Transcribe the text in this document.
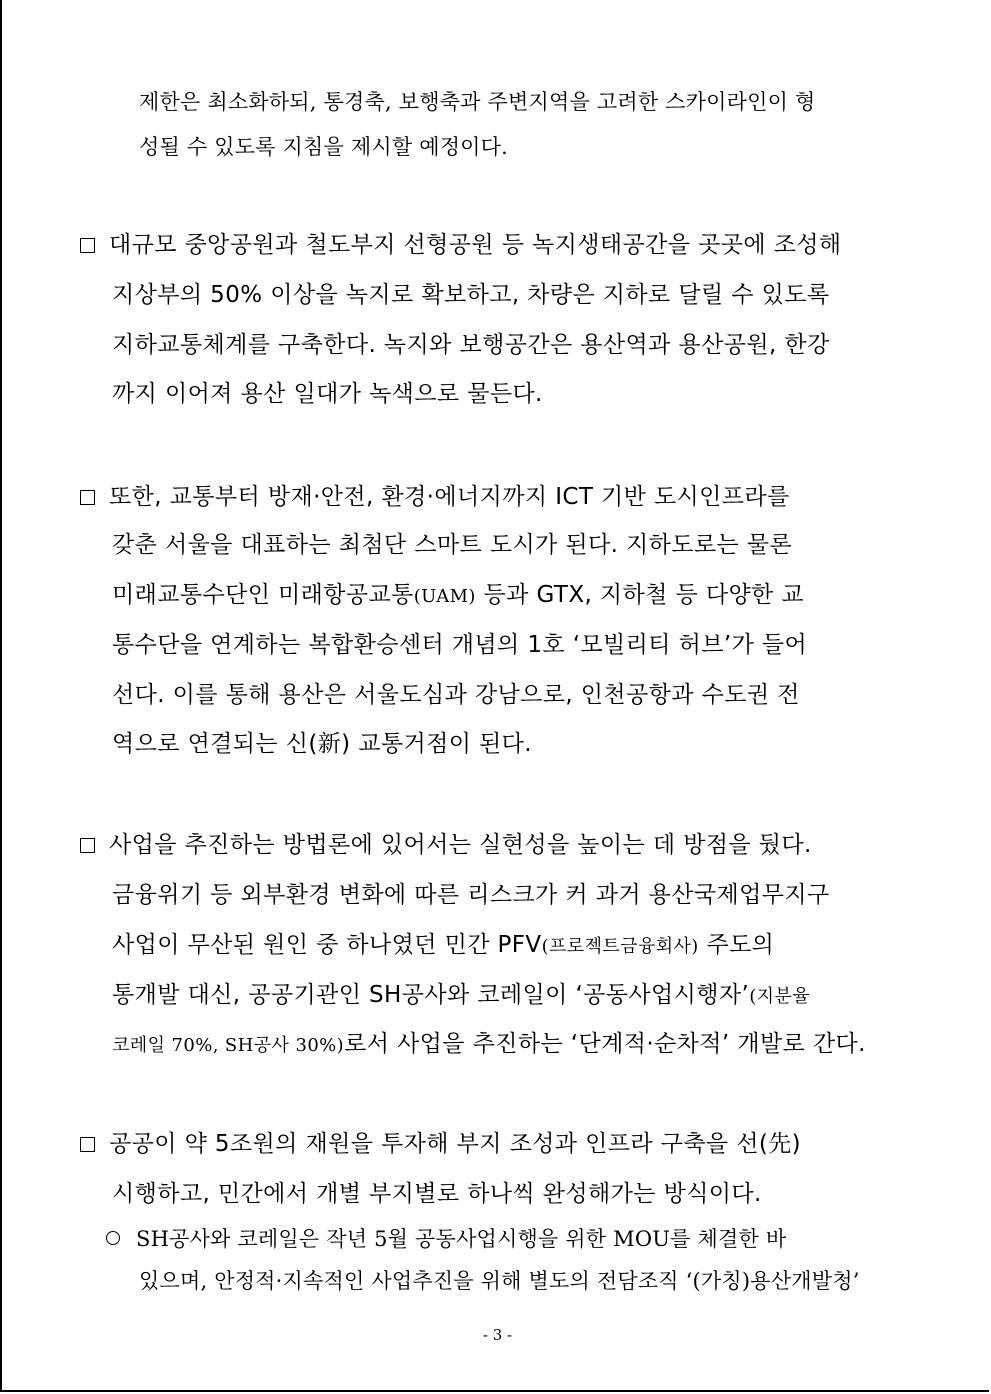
제한은 최소화하되, 통경축, 보행축과 주변지역을 고려한 스카이라인이 형
성될 수 있도록 지침을 제시할 예정이다.
대규모 중앙공원과 철도부지 선형공원 등 녹지생태공간을 곳곳에 조성해
지상부의 50% 이상을 녹지로 확보하고, 차량은 지하로 달릴 수 있도록
지하교통체계를 구축한다. 녹지와 보행공간은 용산역과 용산공원, 한강
까지 이어져 용산 일대가 녹색으로 물든다.
또한, 교통부터 방재·안전, 환경·에너지까지 ICT 기반 도시인프라를
갖춘 서울을 대표하는 최첨단 스마트 도시가 된다. 지하도로는 물론
미래교통수단인 미래항공교통(UAM) 등과 GTX, 지하철 등 다양한 교
통수단을 연계하는 복합환승센터 개념의 1호 ‘모빌리티 허브’가 들어
선다. 이를 통해 용산은 서울도심과 강남으로, 인천공항과 수도권 전
역으로 연결되는 신(新) 교통거점이 된다.
사업을 추진하는 방법론에 있어서는 실현성을 높이는 데 방점을 뒀다.
금융위기 등 외부환경 변화에 따른 리스크가 커 과거 용산국제업무지구
사업이 무산된 원인 중 하나였던 민간 PFV(프로젝트금융회사) 주도의
통개발 대신, 공공기관인 SH공사와 코레일이 ‘공동사업시행자’(지분율
코레일 70%, SH공사 30%)로서 사업을 추진하는 ‘단계적·순차적’ 개발로 간다.
공공이 약 5조원의 재원을 투자해 부지 조성과 인프라 구축을 선(先)
시행하고, 민간에서 개별 부지별로 하나씩 완성해가는 방식이다.
SH공사와 코레일은 작년 5월 공동사업시행을 위한 MOU를 체결한 바
있으며, 안정적·지속적인 사업추진을 위해 별도의 전담조직 ‘(가칭)용산개발청’
- 3 -
